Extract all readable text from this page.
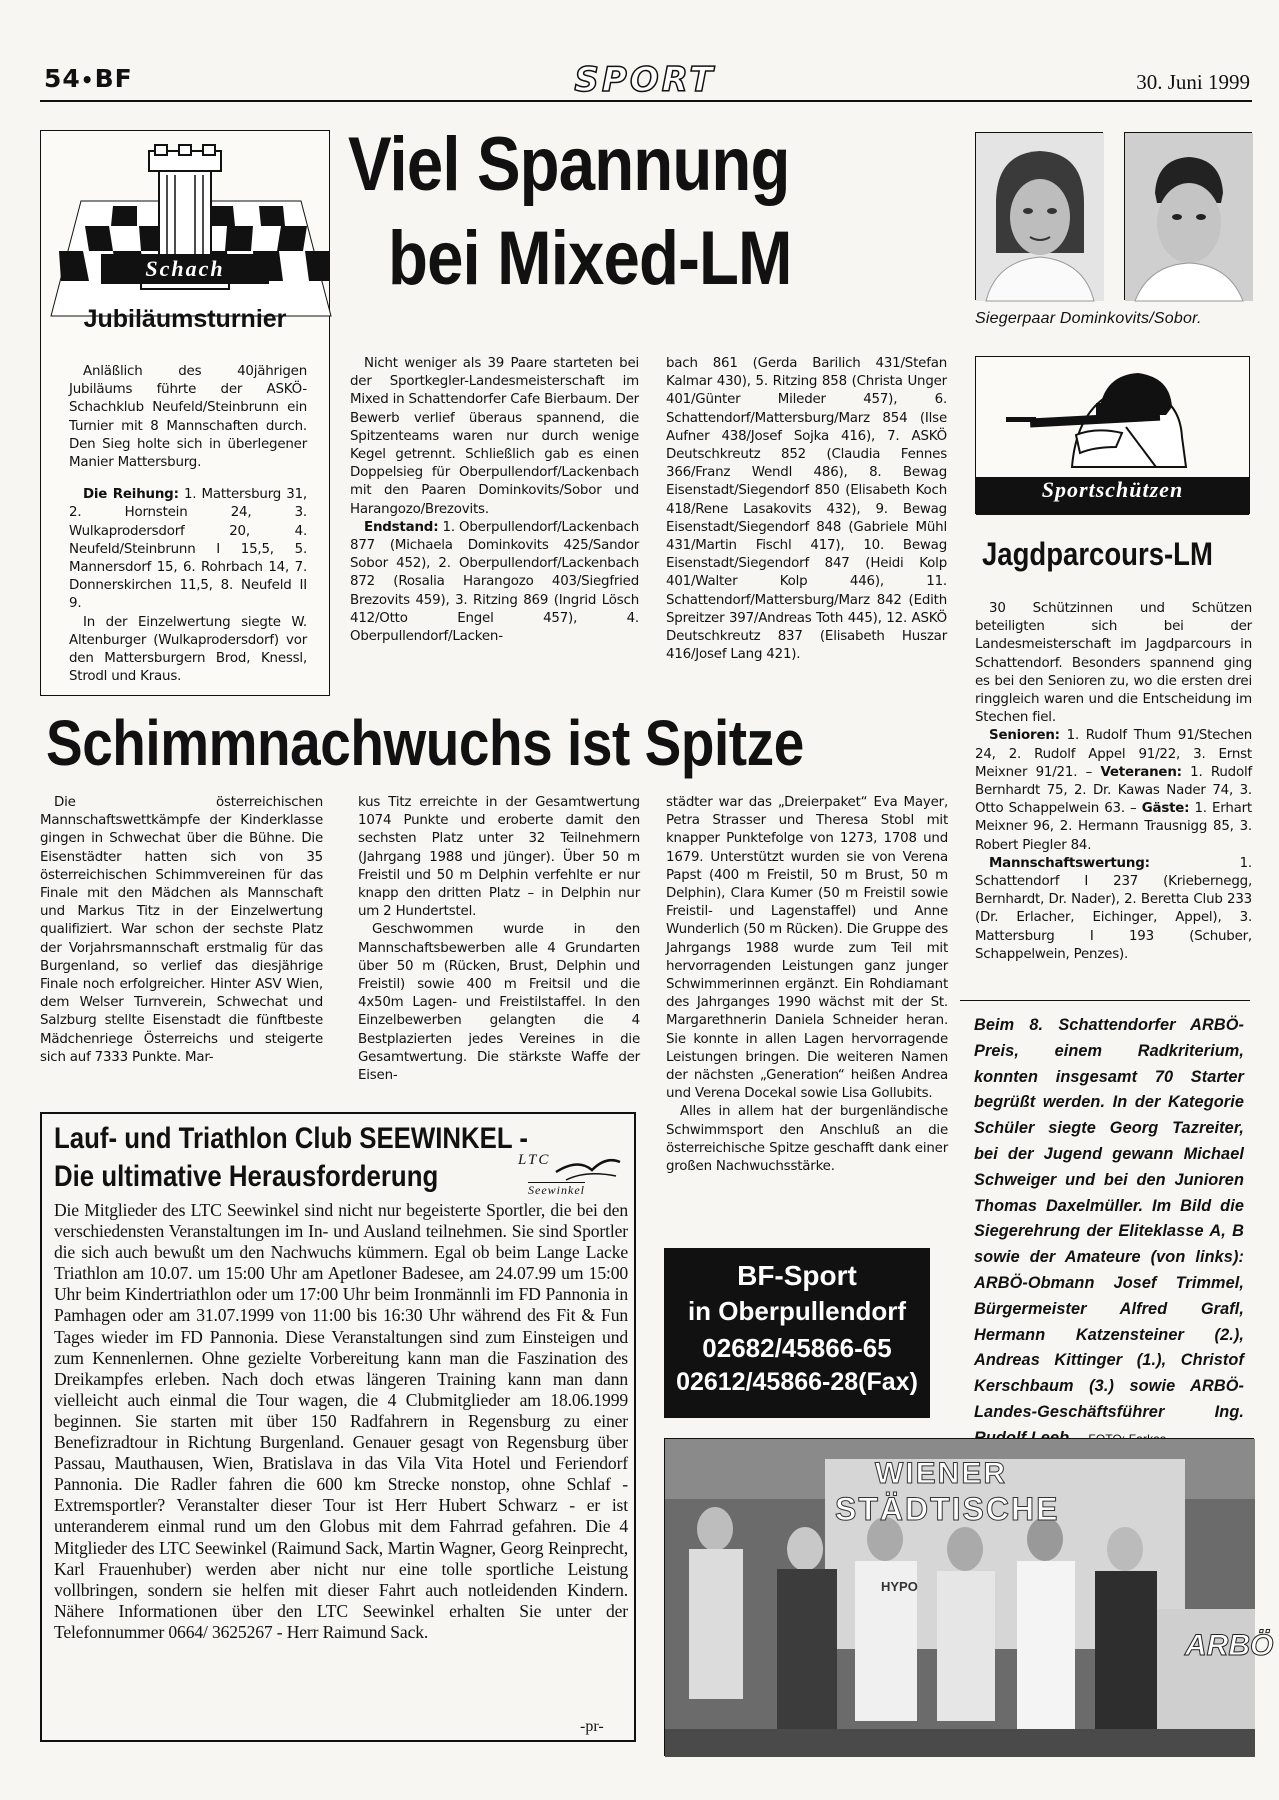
54•BF	SPORT	30. Juni 1999
Schach
Jubiläumsturnier

Anläßlich des 40jährigen Jubiläums führte der ASKÖ-Schachklub Neufeld/Steinbrunn ein Turnier mit 8 Mannschaften durch. Den Sieg holte sich in überlegener Manier Mattersburg.

Die Reihung: 1. Mattersburg 31, 2. Hornstein 24, 3. Wulkaprodersdorf 20, 4. Neufeld/Steinbrunn I 15,5, 5. Mannersdorf 15, 6. Rohrbach 14, 7. Donnerskirchen 11,5, 8. Neufeld II 9.

In der Einzelwertung siegte W. Altenburger (Wulkaprodersdorf) vor den Mattersburgern Brod, Knessl, Strodl und Kraus.

Viel Spannung
bei Mixed-LM

Nicht weniger als 39 Paare starteten bei der Sportkegler-Landesmeisterschaft im Mixed in Schattendorfer Cafe Bierbaum. Der Bewerb verlief überaus spannend, die Spitzenteams waren nur durch wenige Kegel getrennt. Schließlich gab es einen Doppelsieg für Oberpullendorf/Lackenbach mit den Paaren Dominkovits/Sobor und Harangozo/Brezovits.

Endstand: 1. Oberpullendorf/Lackenbach 877 (Michaela Dominkovits 425/Sandor Sobor 452), 2. Oberpullendorf/Lackenbach 872 (Rosalia Harangozo 403/Siegfried Brezovits 459), 3. Ritzing 869 (Ingrid Lösch 412/Otto Engel 457), 4. Oberpullendorf/Lacken-

bach 861 (Gerda Barilich 431/Stefan Kalmar 430), 5. Ritzing 858 (Christa Unger 401/Günter Mileder 457), 6. Schattendorf/Mattersburg/Marz 854 (Ilse Aufner 438/Josef Sojka 416), 7. ASKÖ Deutschkreutz 852 (Claudia Fennes 366/Franz Wendl 486), 8. Bewag Eisenstadt/Siegendorf 850 (Elisabeth Koch 418/Rene Lasakovits 432), 9. Bewag Eisenstadt/Siegendorf 848 (Gabriele Mühl 431/Martin Fischl 417), 10. Bewag Eisenstadt/Siegendorf 847 (Heidi Kolp 401/Walter Kolp 446), 11. Schattendorf/Mattersburg/Marz 842 (Edith Spreitzer 397/Andreas Toth 445), 12. ASKÖ Deutschkreutz 837 (Elisabeth Huszar 416/Josef Lang 421).

Siegerpaar Dominkovits/Sobor.
Sportschützen
Jagdparcours-LM

30 Schützinnen und Schützen beteiligten sich bei der Landesmeisterschaft im Jagdparcours in Schattendorf. Besonders spannend ging es bei den Senioren zu, wo die ersten drei ringgleich waren und die Entscheidung im Stechen fiel.

Senioren: 1. Rudolf Thum 91/Stechen 24, 2. Rudolf Appel 91/22, 3. Ernst Meixner 91/21. – Veteranen: 1. Rudolf Bernhardt 75, 2. Dr. Kawas Nader 74, 3. Otto Schappelwein 63. – Gäste: 1. Erhart Meixner 96, 2. Hermann Trausnigg 85, 3. Robert Piegler 84.

Mannschaftswertung:	1. Schattendorf I 237 (Kriebernegg, Bernhardt, Dr. Nader), 2. Beretta Club 233 (Dr. Erlacher, Eichinger, Appel), 3. Mattersburg I 193 (Schuber, Schappelwein, Penzes).

Schimmnachwuchs ist Spitze

Die österreichischen Mannschaftswettkämpfe der Kinderklasse gingen in Schwechat über die Bühne. Die Eisenstädter hatten sich von 35 österreichischen Schimmvereinen für das Finale mit den Mädchen als Mannschaft und Markus Titz in der Einzelwertung qualifiziert. War schon der sechste Platz der Vorjahrsmannschaft erstmalig für das Burgenland, so verlief das diesjährige Finale noch erfolgreicher. Hinter ASV Wien, dem Welser Turnverein, Schwechat und Salzburg stellte Eisenstadt die fünftbeste Mädchenriege Österreichs und steigerte sich auf 7333 Punkte. Mar-

kus Titz erreichte in der Gesamtwertung 1074 Punkte und eroberte damit den sechsten Platz unter 32 Teilnehmern (Jahrgang 1988 und jünger). Über 50 m Freistil und 50 m Delphin verfehlte er nur knapp den dritten Platz – in Delphin nur um 2 Hundertstel.

Geschwommen wurde in den Mannschaftsbewerben alle 4 Grundarten über 50 m (Rücken, Brust, Delphin und Freistil) sowie 400 m Freitsil und die 4x50m Lagen- und Freistilstaffel. In den Einzelbewerben gelangten die 4 Bestplazierten jedes Vereines in die Gesamtwertung. Die stärkste Waffe der Eisen-

städter war das „Dreierpaket“ Eva Mayer, Petra Strasser und Theresa Stobl mit knapper Punktefolge von 1273, 1708 und 1679. Unterstützt wurden sie von Verena Papst (400 m Freistil, 50 m Brust, 50 m Delphin), Clara Kumer (50 m Freistil sowie Freistil- und Lagenstaffel) und Anne Wunderlich (50 m Rücken). Die Gruppe des Jahrgangs 1988 wurde zum Teil mit hervorragenden Leistungen ganz junger Schwimmerinnen ergänzt. Ein Rohdiamant des Jahrganges 1990 wächst mit der St. Margarethnerin Daniela Schneider heran. Sie konnte in allen Lagen hervorragende Leistungen bringen. Die weiteren Namen der nächsten „Generation“ heißen Andrea und Verena Docekal sowie Lisa Gollubits.

Alles in allem hat der burgenländische Schwimmsport den Anschluß an die österreichische Spitze geschafft dank einer großen Nachwuchsstärke.

Beim 8. Schattendorfer ARBÖ-Preis, einem Radkriterium, konnten insgesamt 70 Starter begrüßt werden. In der Kategorie Schüler siegte Georg Tazreiter, bei der Jugend gewann Michael Schweiger und bei den Junioren Thomas Daxelmüller. Im Bild die Siegerehrung der Eliteklasse A, B sowie der Amateure (von links): ARBÖ-Obmann Josef Trimmel, Bürgermeister Alfred Grafl, Hermann Katzensteiner (2.), Andreas Kittinger (1.), Christof Kerschbaum (3.) sowie ARBÖ-Landes-Geschäftsführer Ing.
Lauf- und Triathlon Club SEEWINKEL -
Die ultimative Herausforderung	LTC
Seewinkel
Die Mitglieder des LTC Seewinkel sind nicht nur begeisterte Sportler, die bei den verschiedensten Veranstaltungen im In- und Ausland teilnehmen. Sie sind Sportler die sich auch bewußt um den Nachwuchs kümmern. Egal ob beim Lange Lacke Triathlon am 10.07. um 15:00 Uhr am Apetloner Badesee, am 24.07.99 um 15:00 Uhr beim Kindertriathlon oder um 17:00 Uhr beim Ironmännli im FD Pannonia in Pamhagen oder am 31.07.1999 von 11:00 bis 16:30 Uhr während des Fit & Fun Tages wieder im FD Pannonia. Diese Veranstaltungen sind zum Einsteigen und zum Kennenlernen. Ohne gezielte Vorbereitung kann man die Faszination des Dreikampfes erleben. Nach doch etwas längeren Training kann man dann vielleicht auch einmal die Tour wagen, die 4 Clubmitglieder am 18.06.1999 beginnen. Sie starten mit über 150 Radfahrern in Regensburg zu einer Benefizradtour in Richtung Burgenland. Genauer gesagt von Regensburg über Passau, Mauthausen, Wien, Bratislava in das Vila Vita Hotel und Feriendorf Pannonia. Die Radler fahren die 600 km Strecke nonstop, ohne Schlaf - Extremsportler? Veranstalter dieser Tour ist Herr Hubert Schwarz - er ist unteranderem einmal rund um den Globus mit dem Fahrrad gefahren. Die 4 Mitglieder des LTC Seewinkel (Raimund Sack, Martin Wagner, Georg Reinprecht, Karl Frauenhuber) werden aber nicht nur eine tolle sportliche Leistung vollbringen, sondern sie helfen mit dieser Fahrt auch notleidenden Kindern. Nähere Informationen über den LTC Seewinkel erhalten Sie unter der Telefonnummer 0664/ 3625267 - Herr Raimund Sack.
-pr-
BF-Sport
in Oberpullendorf
02682/45866-65
02612/45866-28(Fax)
WIENER
STÄDTISCHE
HYPO
ARBÖ
